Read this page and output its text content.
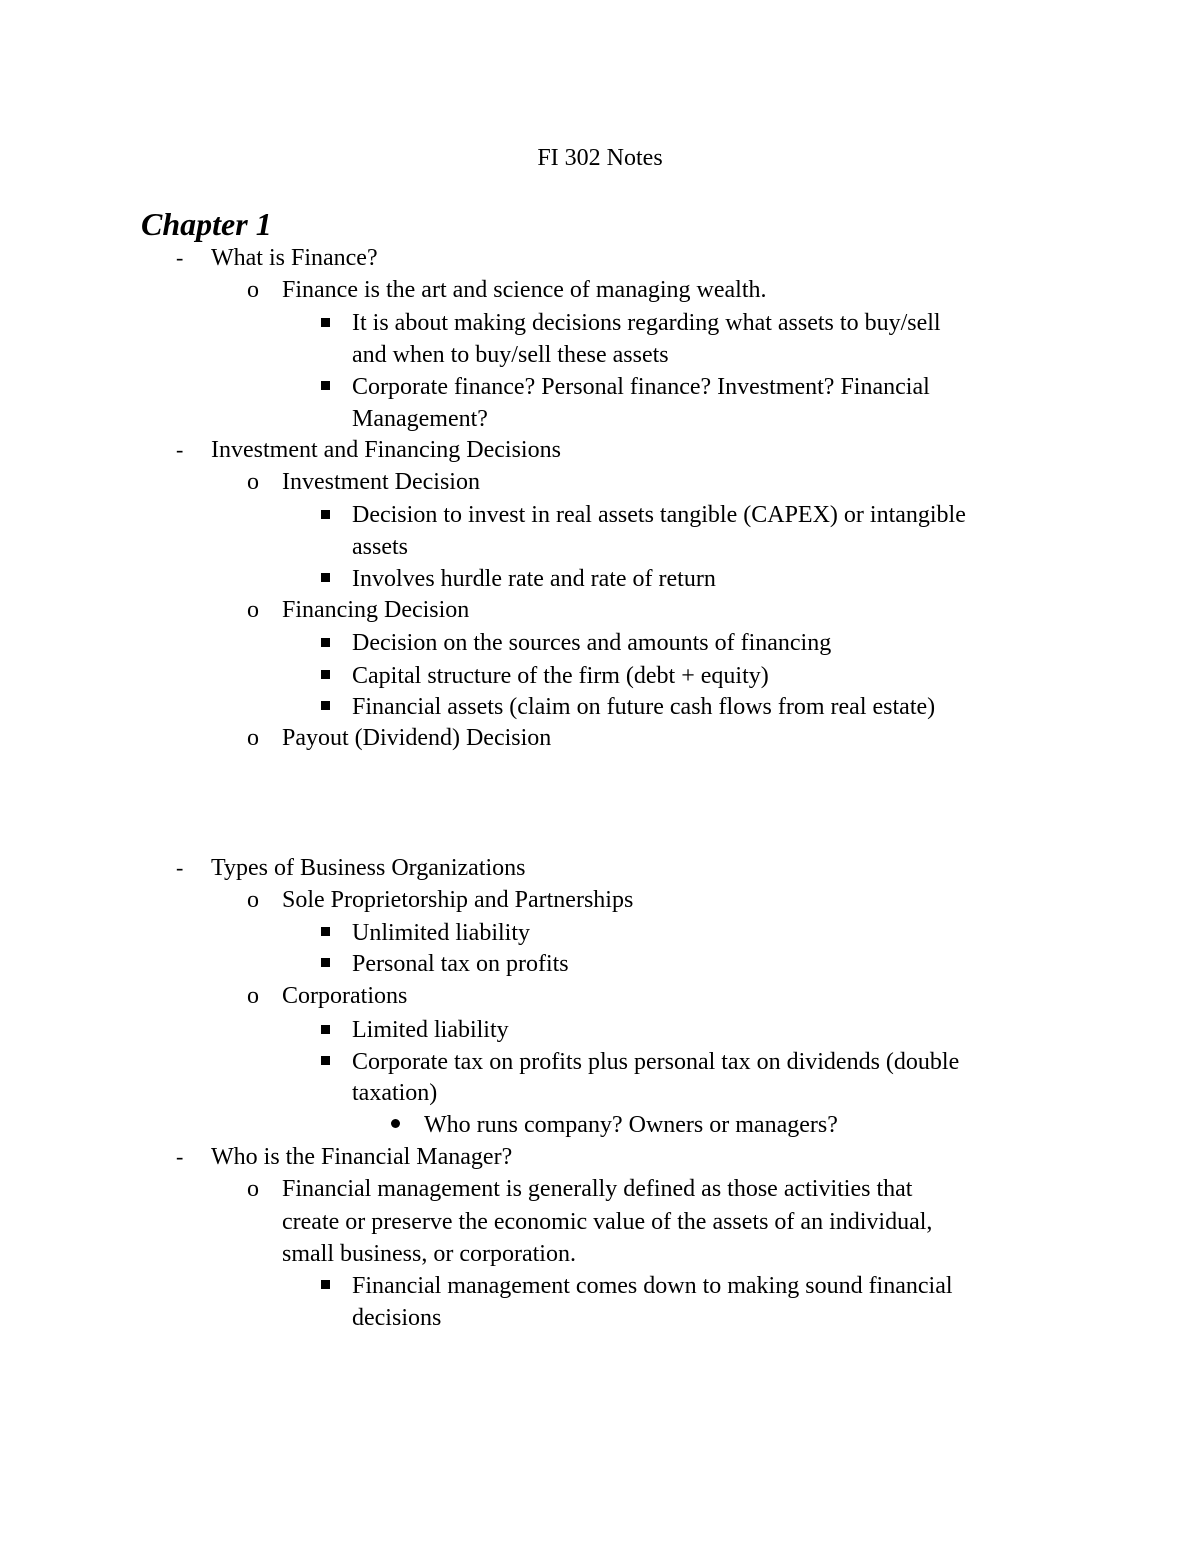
FI 302 Notes
Chapter 1
- What is Finance?
o Finance is the art and science of managing wealth.
It is about making decisions regarding what assets to buy/sell
and when to buy/sell these assets
Corporate finance? Personal finance? Investment? Financial
Management?
- Investment and Financing Decisions
o Investment Decision
Decision to invest in real assets tangible (CAPEX) or intangible
assets
Involves hurdle rate and rate of return
o Financing Decision
Decision on the sources and amounts of financing
Capital structure of the firm (debt + equity)
Financial assets (claim on future cash flows from real estate)
o Payout (Dividend) Decision
- Types of Business Organizations
o Sole Proprietorship and Partnerships
Unlimited liability
Personal tax on profits
o Corporations
Limited liability
Corporate tax on profits plus personal tax on dividends (double
taxation)
Who runs company? Owners or managers?
- Who is the Financial Manager?
o Financial management is generally defined as those activities that
create or preserve the economic value of the assets of an individual,
small business, or corporation.
Financial management comes down to making sound financial
decisions
